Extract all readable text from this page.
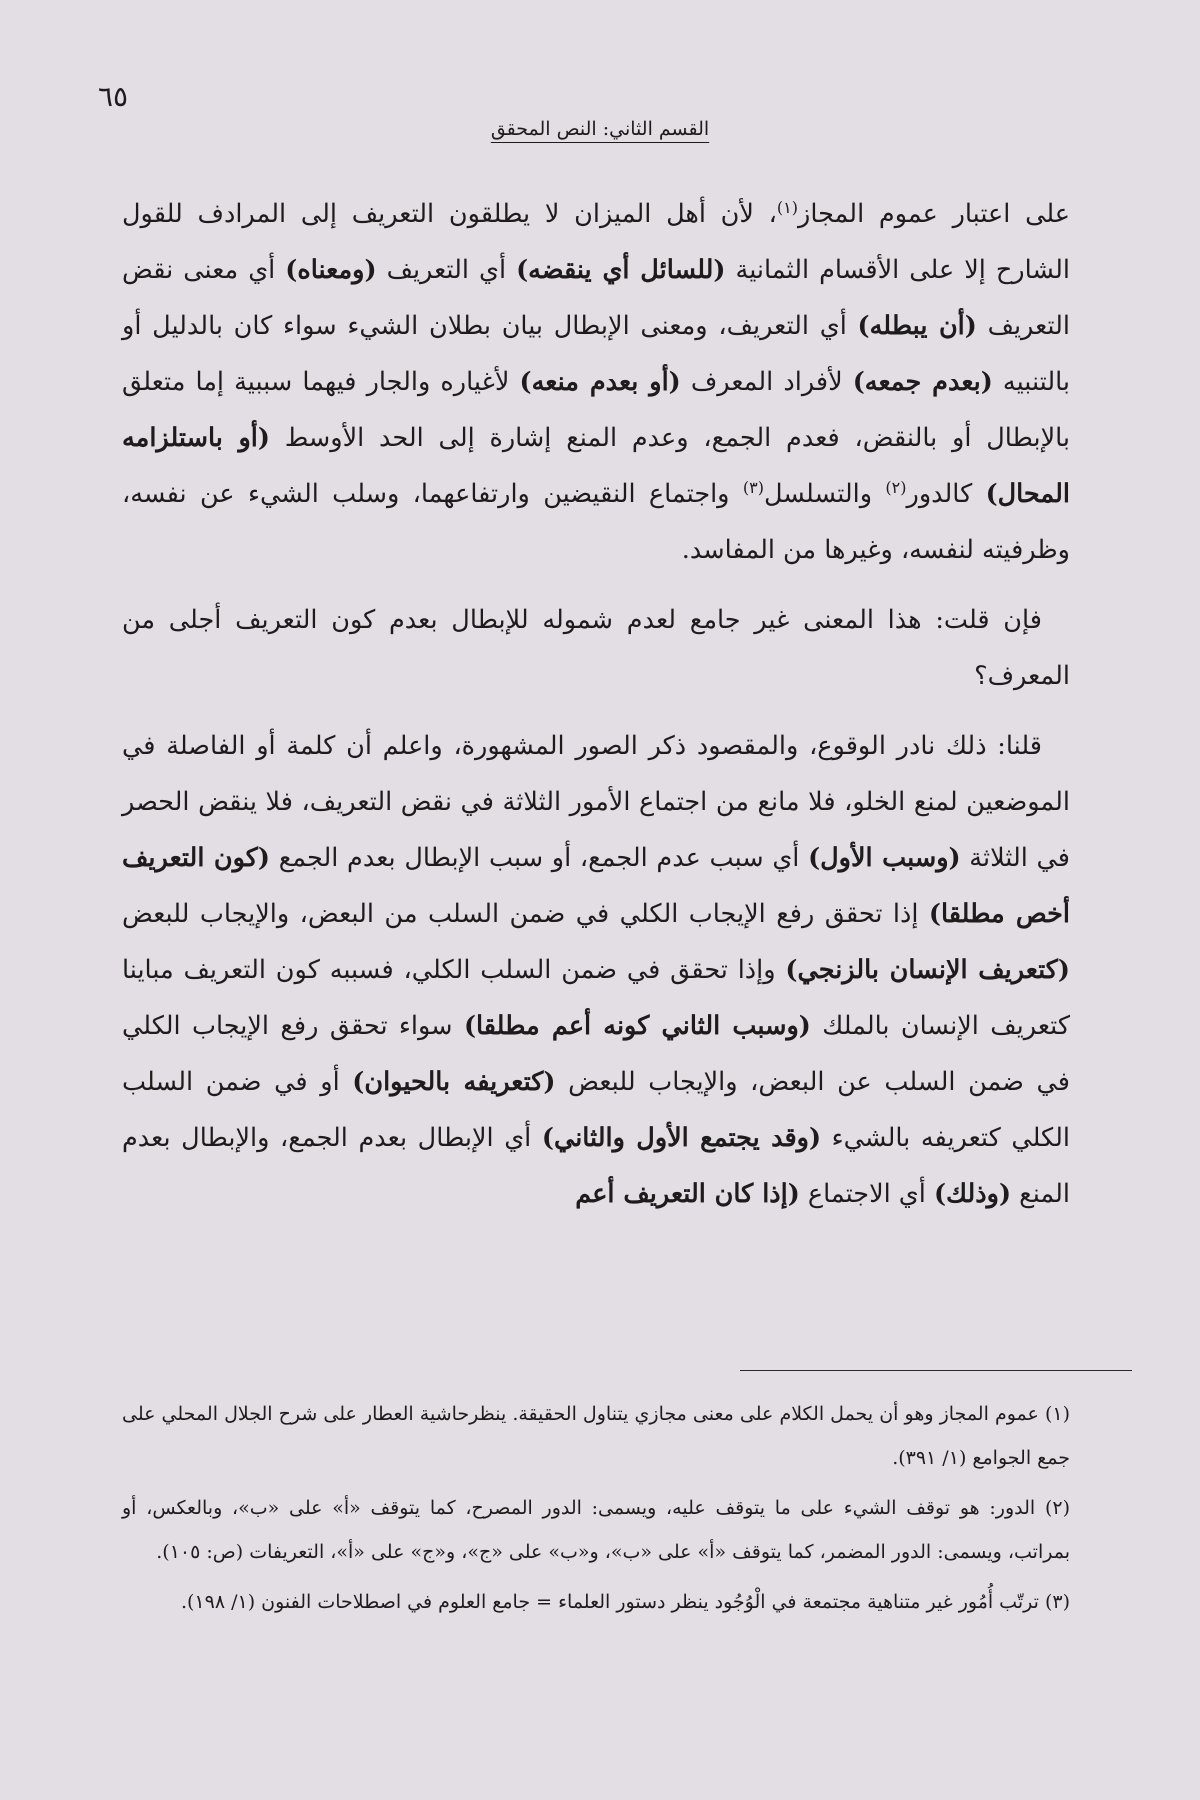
٦٥
القسم الثاني: النص المحقق

على اعتبار عموم المجاز$^{(١)}$، لأن أهل الميزان لا يطلقون التعريف إلى المرادف للقول الشارح إلا على الأقسام الثمانية (للسائل أي ينقضه) أي التعريف (ومعناه) أي معنى نقض التعريف (أن يبطله) أي التعريف، ومعنى الإبطال بيان بطلان الشيء سواء كان بالدليل أو بالتنبيه (بعدم جمعه) لأفراد المعرف (أو بعدم منعه) لأغياره والجار فيهما سببية إما متعلق بالإبطال أو بالنقض، فعدم الجمع، وعدم المنع إشارة إلى الحد الأوسط (أو باستلزامه المحال) كالدور$^{(٢)}$ والتسلسل$^{(٣)}$ واجتماع النقيضين وارتفاعهما، وسلب الشيء عن نفسه، وظرفيته لنفسه، وغيرها من المفاسد.

فإن قلت: هذا المعنى غير جامع لعدم شموله للإبطال بعدم كون التعريف أجلى من المعرف؟

قلنا: ذلك نادر الوقوع، والمقصود ذكر الصور المشهورة، واعلم أن كلمة أو الفاصلة في الموضعين لمنع الخلو، فلا مانع من اجتماع الأمور الثلاثة في نقض التعريف، فلا ينقض الحصر في الثلاثة (وسبب الأول) أي سبب عدم الجمع، أو سبب الإبطال بعدم الجمع (كون التعريف أخص مطلقا) إذا تحقق رفع الإيجاب الكلي في ضمن السلب من البعض، والإيجاب للبعض (كتعريف الإنسان بالزنجي) وإذا تحقق في ضمن السلب الكلي، فسببه كون التعريف مباينا كتعريف الإنسان بالملك (وسبب الثاني كونه أعم مطلقا) سواء تحقق رفع الإيجاب الكلي في ضمن السلب عن البعض، والإيجاب للبعض (كتعريفه بالحيوان) أو في ضمن السلب الكلي كتعريفه بالشيء (وقد يجتمع الأول والثاني) أي الإبطال بعدم الجمع، والإبطال بعدم المنع (وذلك) أي الاجتماع (إذا كان التعريف أعم

(١) عموم المجاز وهو أن يحمل الكلام على معنى مجازي يتناول الحقيقة. ينظرحاشية العطار على شرح الجلال المحلي على جمع الجوامع (١/ ٣٩١).

(٢) الدور: هو توقف الشيء على ما يتوقف عليه، ويسمى: الدور المصرح، كما يتوقف «أ» على «ب»، وبالعكس، أو بمراتب، ويسمى: الدور المضمر، كما يتوقف «أ» على «ب»، و«ب» على «ج»، و«ج» على «أ»، التعريفات (ص: ١٠٥).

(٣) ترتّب أُمُور غير متناهية مجتمعة في الْوُجُود ينظر دستور العلماء = جامع العلوم في اصطلاحات الفنون (١/ ١٩٨).
